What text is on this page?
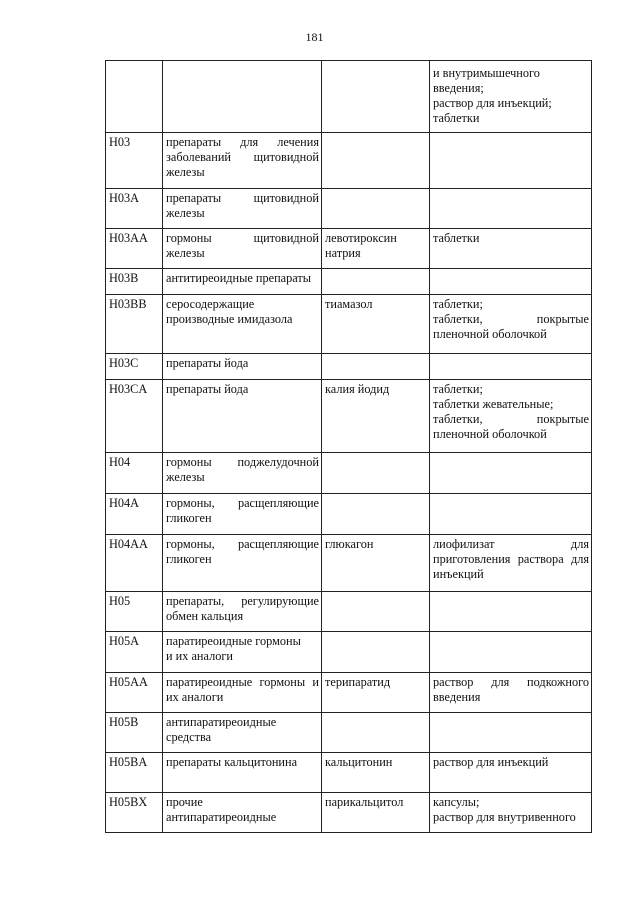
181

			и внутримышечного
введения;
раствор для инъекций;
таблетки

H03	препараты для лечения заболеваний щитовидной железы		

H03A	препараты щитовидной железы		

H03AA	гормоны щитовидной железы	левотироксин натрия	таблетки

H03B	антитиреоидные препараты		

H03BB	серосодержащие
производные имидазола	тиамазол	таблетки;
таблетки, покрытые пленочной оболочкой

H03C	препараты йода		

H03CA	препараты йода	калия йодид	таблетки;
таблетки жевательные;
таблетки, покрытые пленочной оболочкой

H04	гормоны поджелудочной железы		

H04A	гормоны, расщепляющие гликоген		

H04AA	гормоны, расщепляющие гликоген	глюкагон	лиофилизат для приготовления раствора для инъекций

H05	препараты, регулирующие обмен кальция		

H05A	паратиреоидные гормоны
и их аналоги		

H05AA	паратиреоидные гормоны и их аналоги	терипаратид	раствор для подкожного введения

H05B	антипаратиреоидные
средства		

H05BA	препараты кальцитонина	кальцитонин	раствор для инъекций

H05BX	прочие
антипаратиреоидные	парикальцитол	капсулы;
раствор для внутривенного
